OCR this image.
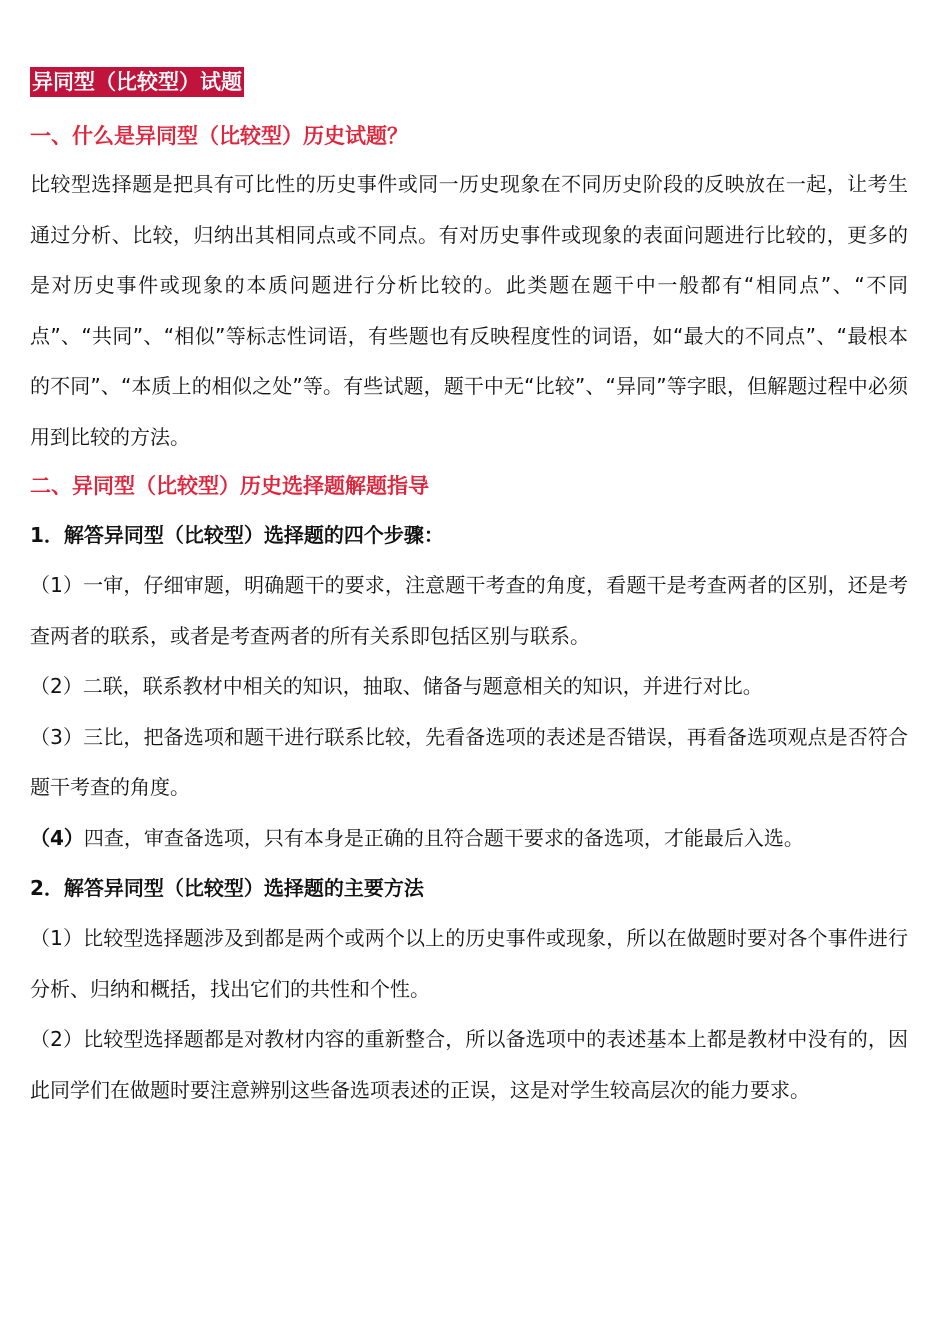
异同型（比较型）试题
一、什么是异同型（比较型）历史试题？
比较型选择题是把具有可比性的历史事件或同一历史现象在不同历史阶段的反映放在一起，让考生通过分析、比较，归纳出其相同点或不同点。有对历史事件或现象的表面问题进行比较的，更多的是对历史事件或现象的本质问题进行分析比较的。此类题在题干中一般都有“相同点”、“不同点”、“共同”、“相似”等标志性词语，有些题也有反映程度性的词语，如“最大的不同点”、“最根本的不同”、“本质上的相似之处”等。有些试题，题干中无“比较”、“异同”等字眼，但解题过程中必须用到比较的方法。
二、异同型（比较型）历史选择题解题指导
1．解答异同型（比较型）选择题的四个步骤：
（1）一审，仔细审题，明确题干的要求，注意题干考查的角度，看题干是考查两者的区别，还是考查两者的联系，或者是考查两者的所有关系即包括区别与联系。
（2）二联，联系教材中相关的知识，抽取、储备与题意相关的知识，并进行对比。
（3）三比，把备选项和题干进行联系比较，先看备选项的表述是否错误，再看备选项观点是否符合题干考查的角度。
（4）四查，审查备选项，只有本身是正确的且符合题干要求的备选项，才能最后入选。
2．解答异同型（比较型）选择题的主要方法
（1）比较型选择题涉及到都是两个或两个以上的历史事件或现象，所以在做题时要对各个事件进行分析、归纳和概括，找出它们的共性和个性。
（2）比较型选择题都是对教材内容的重新整合，所以备选项中的表述基本上都是教材中没有的，因此同学们在做题时要注意辨别这些备选项表述的正误，这是对学生较高层次的能力要求。
